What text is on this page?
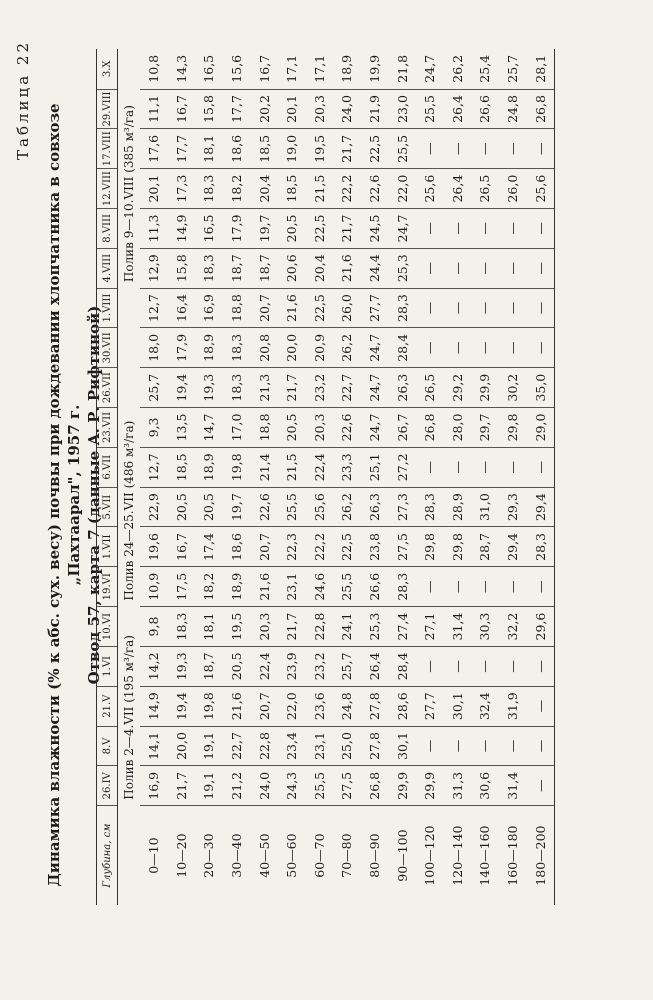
Таблица 22
Динамика влажности (% к абс. сух. весу) почвы при дождевании хлопчатника в совхозе „Пахтаарал", 1957 г. Отвод 57, карта 7 (данные А. Р. Рифтиной)
Глубина, см	26.IV	8.V	21.V	1.VI	10.VI	19.VI	1.VII	5.VII	6.VII	23.VII	26.VII	30.VII	1.VIII	4.VIII	8.VIII	12.VIII	17.VIII	29.VIII	3.X
	Полив 2—4.VII (195 м³/га)					Полив 24—25.VII (486 м³/га)								Полив 9—10.VIII (385 м³/га)					
0—10	16,9	14,1	14,9	14,2	9,8	10,9	19,6	22,9	12,7	9,3	25,7	18,0	12,7	12,9	11,3	20,1	17,6	11,1	10,8
10—20	21,7	20,0	19,4	19,3	18,3	17,5	16,7	20,5	18,5	13,5	19,4	17,9	16,4	15,8	14,9	17,3	17,7	16,7	14,3
20—30	19,1	19,1	19,8	18,7	18,1	18,2	17,4	20,5	18,9	14,7	19,3	18,9	16,9	18,3	16,5	18,3	18,1	15,8	16,5
30—40	21,2	22,7	21,6	20,5	19,5	18,9	18,6	19,7	19,8	17,0	18,3	18,3	18,8	18,7	17,9	18,2	18,6	17,7	15,6
40—50	24,0	22,8	20,7	22,4	20,3	21,6	20,7	22,6	21,4	18,8	21,3	20,8	20,7	18,7	19,7	20,4	18,5	20,2	16,7
50—60	24,3	23,4	22,0	23,9	21,7	23,1	22,3	25,5	21,5	20,5	21,7	20,0	21,6	20,6	20,5	18,5	19,0	20,1	17,1
60—70	25,5	23,1	23,6	23,2	22,8	24,6	22,2	25,6	22,4	20,3	23,2	20,9	22,5	20,4	22,5	21,5	19,5	20,3	17,1
70—80	27,5	25,0	24,8	25,7	24,1	25,5	22,5	26,2	23,3	22,6	22,7	26,2	26,0	21,6	21,7	22,2	21,7	24,0	18,9
80—90	26,8	27,8	27,8	26,4	25,3	26,6	23,8	26,3	25,1	24,7	24,7	24,7	27,7	24,4	24,5	22,6	22,5	21,9	19,9
90—100	29,9	30,1	28,6	28,4	27,4	28,3	27,5	27,3	27,2	26,7	26,3	28,4	28,3	25,3	24,7	22,0	25,5	23,0	21,8
100—120	29,9	—	27,7	—	27,1	—	29,8	28,3	—	26,8	26,5	—	—	—	—	25,6	—	25,5	24,7
120—140	31,3	—	30,1	—	31,4	—	29,8	28,9	—	28,0	29,2	—	—	—	—	26,4	—	26,4	26,2
140—160	30,6	—	32,4	—	30,3	—	28,7	31,0	—	29,7	29,9	—	—	—	—	26,5	—	26,6	25,4
160—180	31,4	—	31,9	—	32,2	—	29,4	29,3	—	29,8	30,2	—	—	—	—	26,0	—	24,8	25,7
180—200	—	—	—	—	29,6	—	28,3	29,4	—	29,0	35,0	—	—	—	—	25,6	—	26,8	28,1
